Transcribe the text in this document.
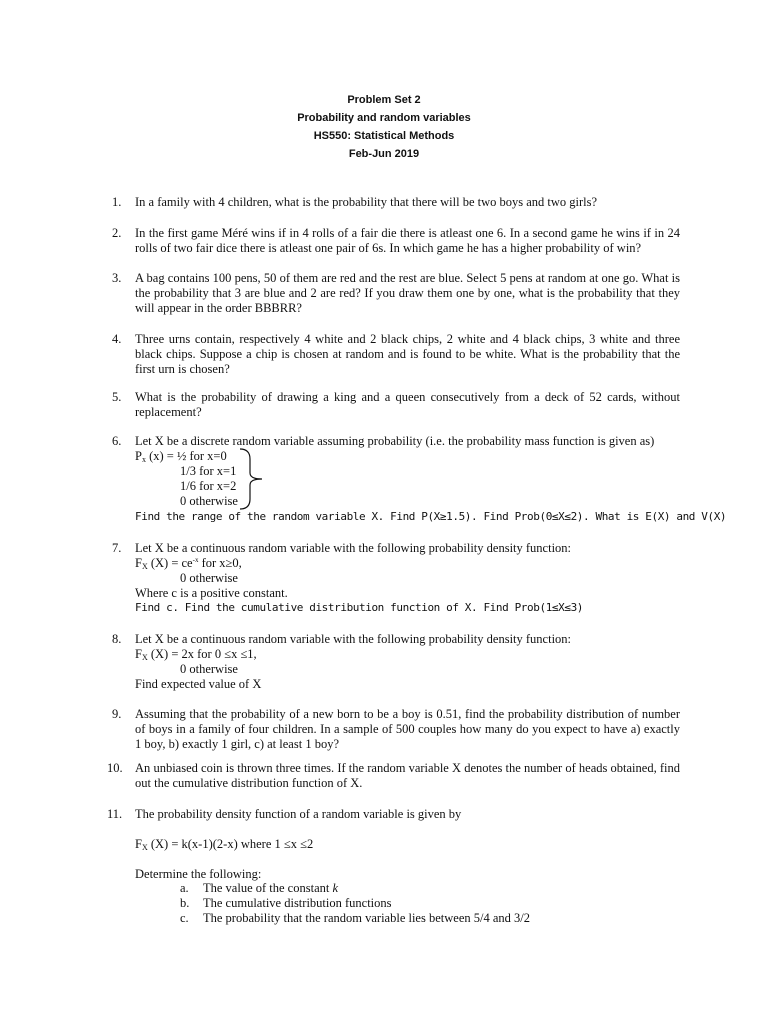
Problem Set 2
Probability and random variables
HS550: Statistical Methods
Feb-Jun 2019
1. In a family with 4 children, what is the probability that there will be two boys and two girls?
2. In the first game Méré wins if in 4 rolls of a fair die there is atleast one 6. In a second game he wins if in 24 rolls of two fair dice there is atleast one pair of 6s. In which game he has a higher probability of win?
3. A bag contains 100 pens, 50 of them are red and the rest are blue. Select 5 pens at random at one go. What is the probability that 3 are blue and 2 are red? If you draw them one by one, what is the probability that they will appear in the order BBBRR?
4. Three urns contain, respectively 4 white and 2 black chips, 2 white and 4 black chips, 3 white and three black chips. Suppose a chip is chosen at random and is found to be white. What is the probability that the first urn is chosen?
5. What is the probability of drawing a king and a queen consecutively from a deck of 52 cards, without replacement?
6. Let X be a discrete random variable assuming probability (i.e. the probability mass function is given as)
$P_x$ (x) = ½ for x=0
1/3 for x=1
1/6 for x=2
0 otherwise
Find the range of the random variable X. Find P(X≥1.5). Find Prob(0≤X≤2). What is E(X) and V(X)
7. Let X be a continuous random variable with the following probability density function:
$F_X$ $(X) = ce^{-x}$ for x≥0,
0 otherwise
Where c is a positive constant.
Find c. Find the cumulative distribution function of X. Find Prob(1≤X≤3)
8. Let X be a continuous random variable with the following probability density function:
$F_X$ (X) = 2x for 0 ≤x ≤1,
0 otherwise
Find expected value of X
9. Assuming that the probability of a new born to be a boy is 0.51, find the probability distribution of number of boys in a family of four children. In a sample of 500 couples how many do you expect to have a) exactly 1 boy, b) exactly 1 girl, c) at least 1 boy?
10. An unbiased coin is thrown three times. If the random variable X denotes the number of heads obtained, find out the cumulative distribution function of X.
11. The probability density function of a random variable is given by
$F_X$ (X) = k(x-1)(2-x) where 1 ≤x ≤2
Determine the following:
a. The value of the constant k
b. The cumulative distribution functions
c. The probability that the random variable lies between 5/4 and 3/2
